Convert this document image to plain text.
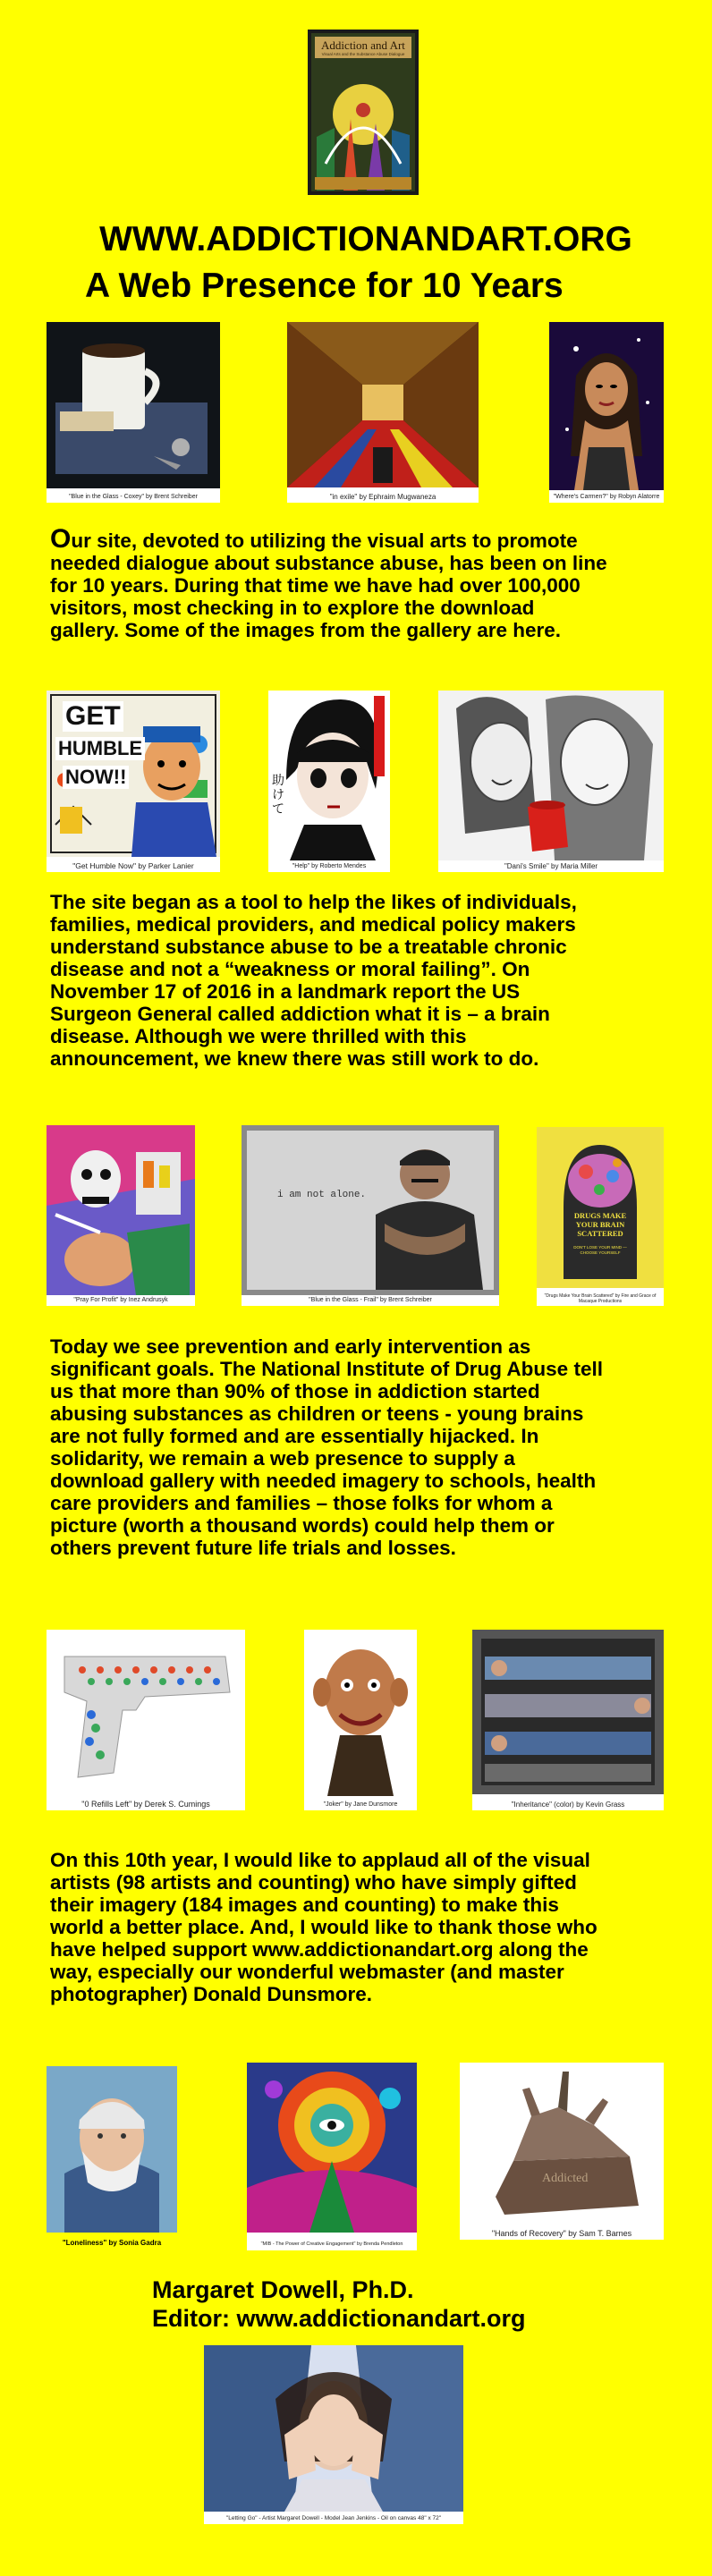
Addiction and Art
Visual Arts and the Substance Abuse Dialogue
WWW.ADDICTIONANDART.ORG
A Web Presence for 10 Years
"Blue in the Glass - Coxey" by Brent Schreiber	"in exile" by Ephraim Mugwaneza	"Where's Carmen?" by Robyn Alatorre
Our site, devoted to utilizing the visual arts to promote
needed dialogue about substance abuse, has been on line
for 10 years. During that time we have had over 100,000
visitors, most checking in to explore the download
gallery. Some of the images from the gallery are here.
GET
HUMBLE
NOW!!
"Get Humble Now" by Parker Lanier
助けて
"Help" by Roberto Mendes	"Dani's Smile" by Maria Miller
The site began as a tool to help the likes of individuals,
families, medical providers, and medical policy makers
understand substance abuse to be a treatable chronic
disease and not a “weakness or moral failing”. On
November 17 of 2016 in a landmark report the US
Surgeon General called addiction what it is – a brain
disease. Although we were thrilled with this
announcement, we knew there was still work to do.
"Pray For Profit" by Inez Andrusyk
i am not alone.
"Blue in the Glass - Frail" by Brent Schreiber
DRUGS MAKE YOUR BRAIN SCATTERED
DON'T LOSE YOUR MIND — CHOOSE YOURSELF
"Drugs Make Your Brain Scattered" by Fire and Grace of Macaque Productions
Today we see prevention and early intervention as
significant goals. The National Institute of Drug Abuse tell
us that more than 90% of those in addiction started
abusing substances as children or teens - young brains
are not fully formed and are essentially hijacked. In
solidarity, we remain a web presence to supply a
download gallery with needed imagery to schools, health
care providers and families – those folks for whom a
picture (worth a thousand words) could help them or
others prevent future life trials and losses.
"0 Refills Left" by Derek S. Cumings	"Joker" by Jane Dunsmore	"Inheritance" (color) by Kevin Grass
On this 10th year, I would like to applaud all of the visual
artists (98 artists and counting) who have simply gifted
their imagery (184 images and counting) to make this
world a better place. And, I would like to thank those who
have helped support www.addictionandart.org along the
way, especially our wonderful webmaster (and master
photographer) Donald Dunsmore.
"Loneliness" by Sonia Gadra	"MIB - The Power of Creative Engagement" by Brenda Pendleton
Addicted
"Hands of Recovery" by Sam T. Barnes
Margaret Dowell, Ph.D.
Editor: www.addictionandart.org
"Letting Go" - Artist Margaret Dowell - Model Jean Jenkins - Oil on canvas 48" x 72"
